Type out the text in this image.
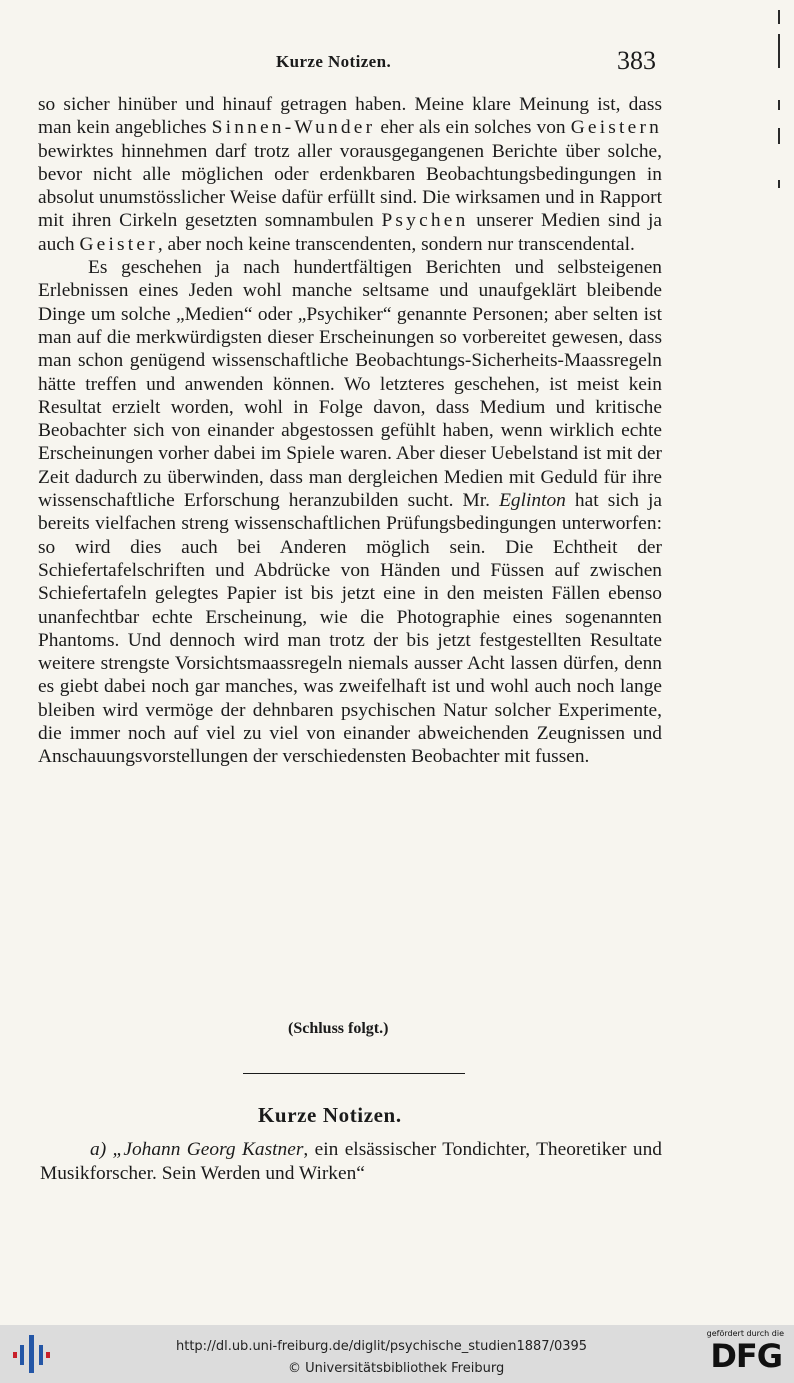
Kurze Notizen.	383

so sicher hinüber und hinauf getragen haben. Meine klare Meinung ist, dass man kein angebliches Sinnen-Wunder eher als ein solches von Geistern bewirktes hinnehmen darf trotz aller vorausgegangenen Berichte über solche, bevor nicht alle möglichen oder erdenkbaren Beobachtungsbedingungen in absolut unumstösslicher Weise dafür erfüllt sind. Die wirksamen und in Rapport mit ihren Cirkeln gesetzten somnambulen Psychen unserer Medien sind ja auch Geister, aber noch keine transcendenten, sondern nur transcendental.

Es geschehen ja nach hundertfältigen Berichten und selbsteigenen Erlebnissen eines Jeden wohl manche seltsame und unaufgeklärt bleibende Dinge um solche „Medien“ oder „Psychiker“ genannte Personen; aber selten ist man auf die merkwürdigsten dieser Erscheinungen so vorbereitet gewesen, dass man schon genügend wissenschaftliche Beobachtungs-Sicherheits-Maassregeln hätte treffen und anwenden können. Wo letzteres geschehen, ist meist kein Resultat erzielt worden, wohl in Folge davon, dass Medium und kritische Beobachter sich von einander abgestossen gefühlt haben, wenn wirklich echte Erscheinungen vorher dabei im Spiele waren. Aber dieser Uebelstand ist mit der Zeit dadurch zu überwinden, dass man dergleichen Medien mit Geduld für ihre wissenschaftliche Erforschung heranzubilden sucht. Mr. Eglinton hat sich ja bereits vielfachen streng wissenschaftlichen Prüfungsbedingungen unterworfen: so wird dies auch bei Anderen möglich sein. Die Echtheit der Schiefertafelschriften und Abdrücke von Händen und Füssen auf zwischen Schiefertafeln gelegtes Papier ist bis jetzt eine in den meisten Fällen ebenso unanfechtbar echte Erscheinung, wie die Photographie eines sogenannten Phantoms. Und dennoch wird man trotz der bis jetzt festgestellten Resultate weitere strengste Vorsichtsmaassregeln niemals ausser Acht lassen dürfen, denn es giebt dabei noch gar manches, was zweifelhaft ist und wohl auch noch lange bleiben wird vermöge der dehnbaren psychischen Natur solcher Experimente, die immer noch auf viel zu viel von einander abweichenden Zeugnissen und Anschauungsvorstellungen der verschiedensten Beobachter mit fussen.

(Schluss folgt.)
Kurze Notizen.

a) „Johann Georg Kastner, ein elsässischer Tondichter, Theoretiker und Musikforscher. Sein Werden und Wirken“

http://dl.ub.uni-freiburg.de/diglit/psychische_studien1887/0395
© Universitätsbibliothek Freiburg
gefördert durch die
DFG
